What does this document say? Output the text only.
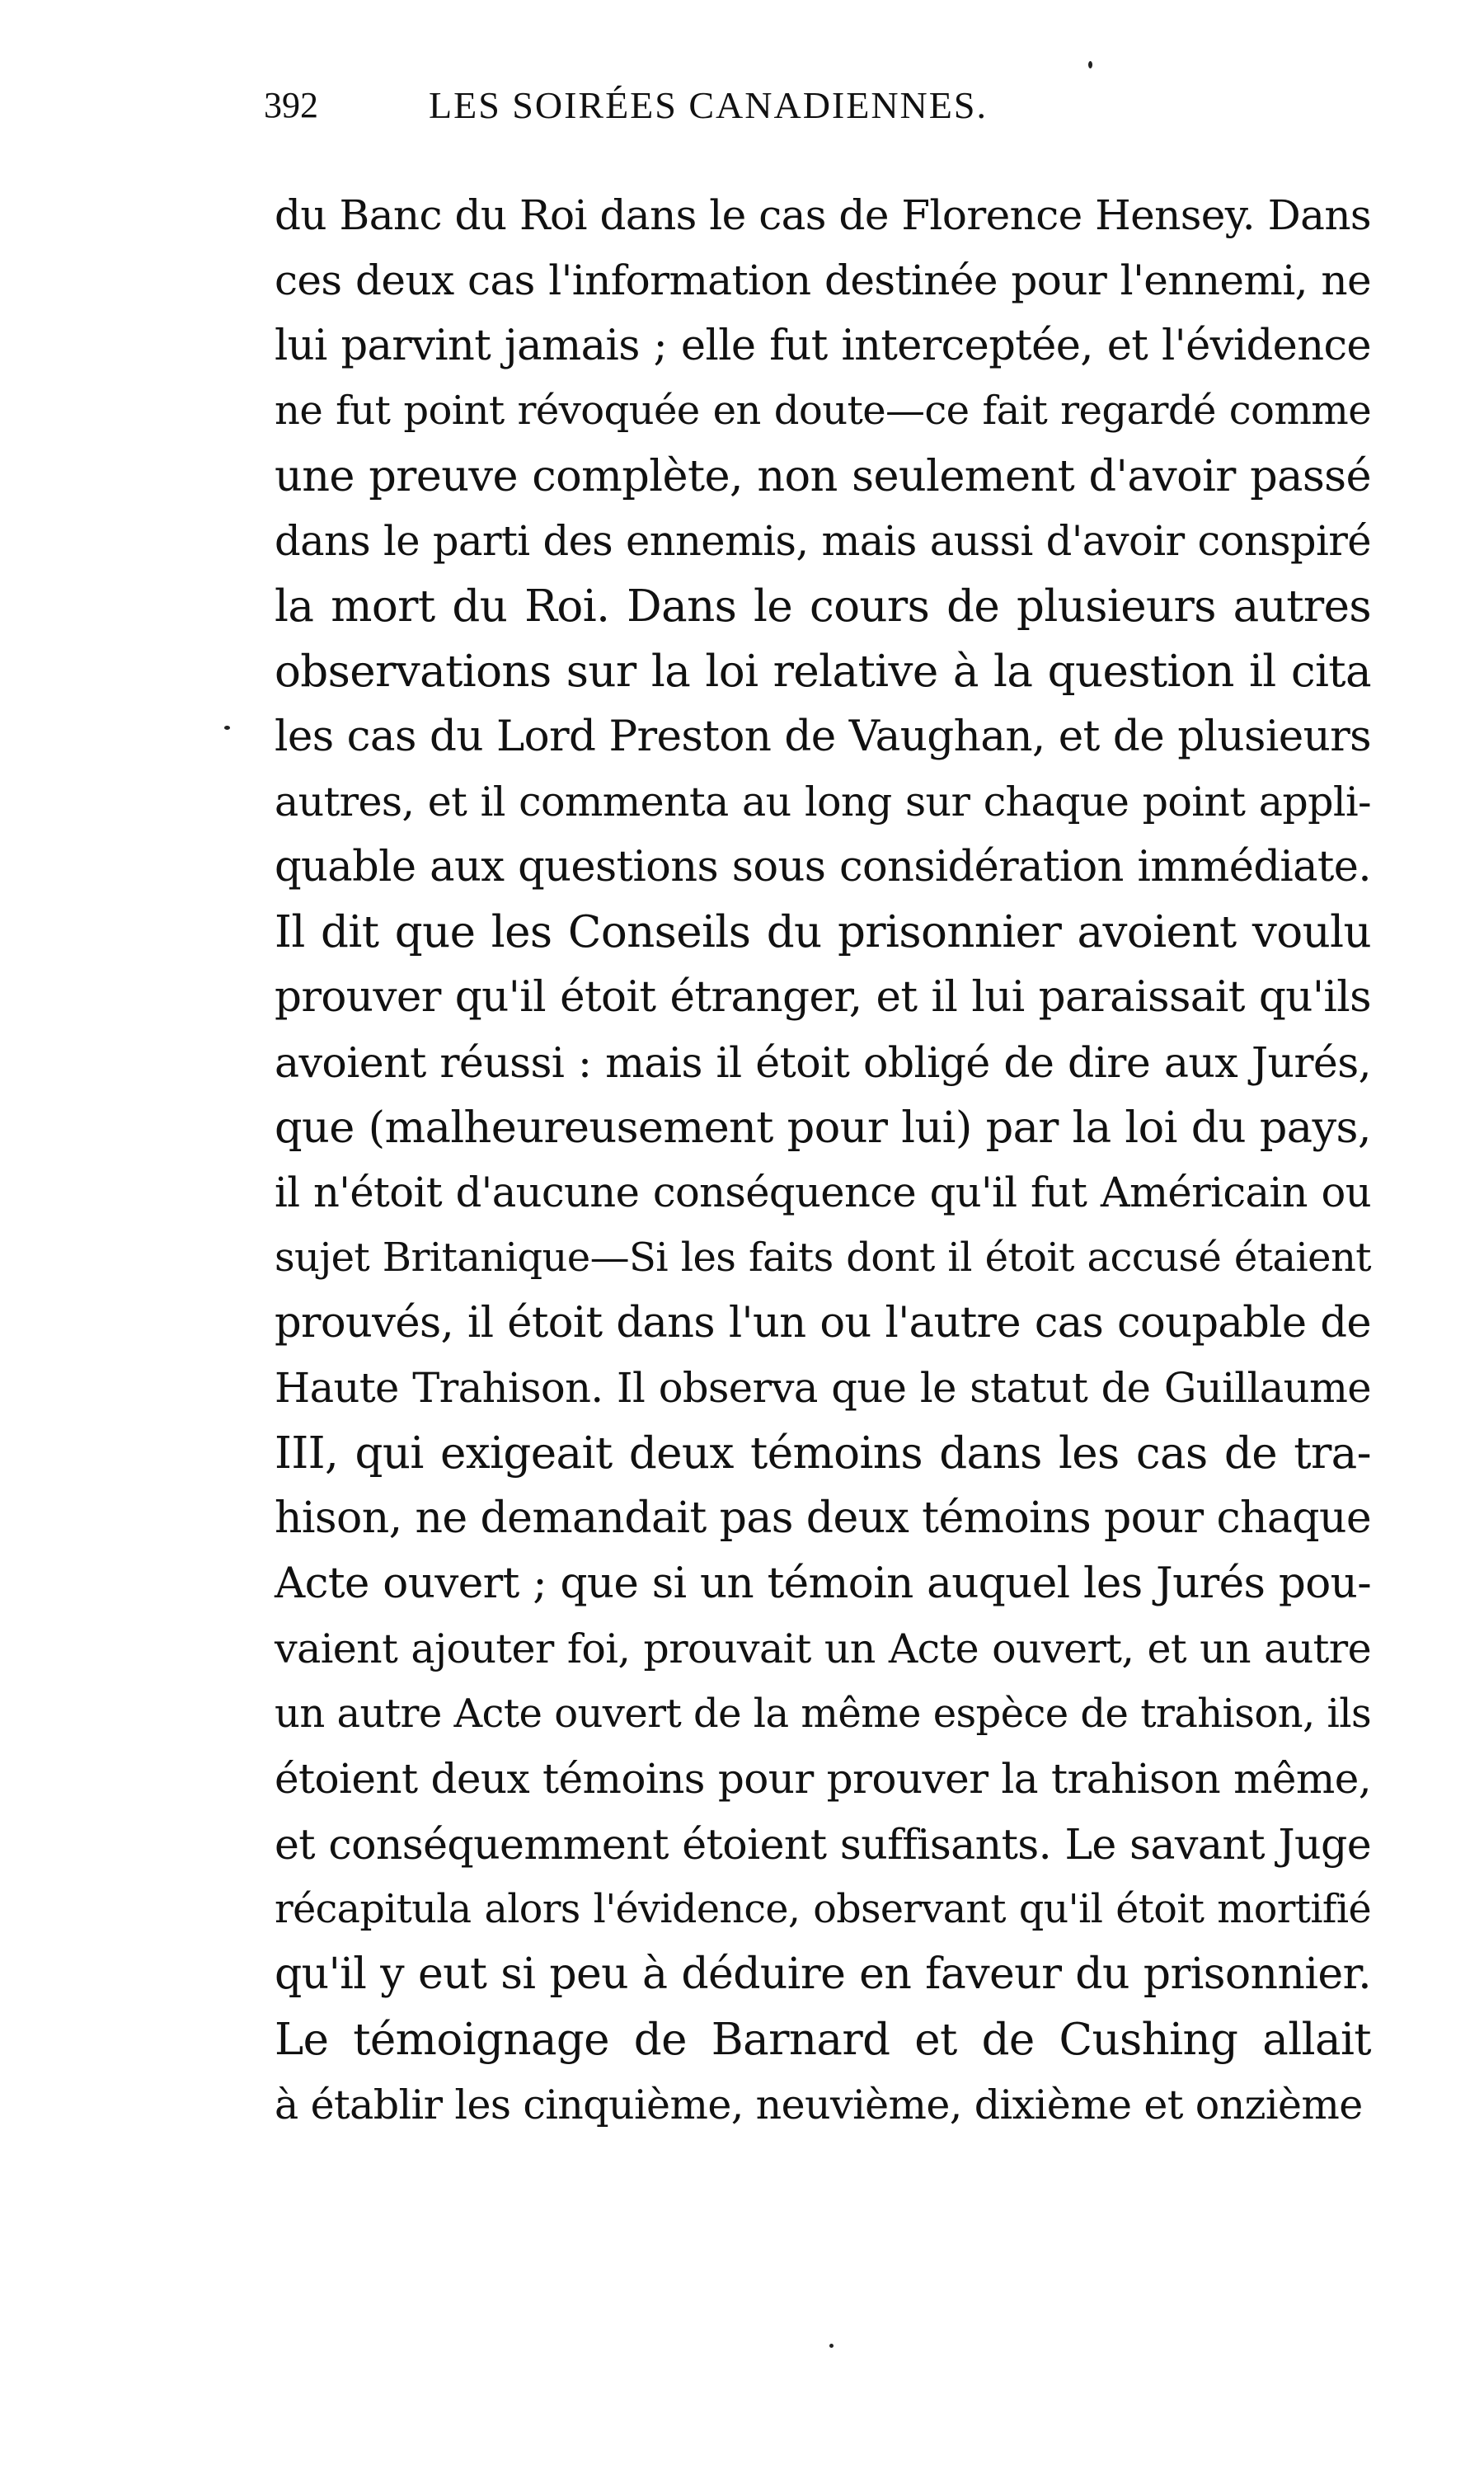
392	LES SOIRÉES CANADIENNES.
du Banc du Roi dans le cas de Florence Hensey. Dans
ces deux cas l'information destinée pour l'ennemi, ne
lui parvint jamais ; elle fut interceptée, et l'évidence
ne fut point révoquée en doute—ce fait regardé comme
une preuve complète, non seulement d'avoir passé
dans le parti des ennemis, mais aussi d'avoir conspiré
la mort du Roi. Dans le cours de plusieurs autres
observations sur la loi relative à la question il cita
les cas du Lord Preston de Vaughan, et de plusieurs
autres, et il commenta au long sur chaque point appli-
quable aux questions sous considération immédiate.
Il dit que les Conseils du prisonnier avoient voulu
prouver qu'il étoit étranger, et il lui paraissait qu'ils
avoient réussi : mais il étoit obligé de dire aux Jurés,
que (malheureusement pour lui) par la loi du pays,
il n'étoit d'aucune conséquence qu'il fut Américain ou
sujet Britanique—Si les faits dont il étoit accusé étaient
prouvés, il étoit dans l'un ou l'autre cas coupable de
Haute Trahison. Il observa que le statut de Guillaume
III, qui exigeait deux témoins dans les cas de tra-
hison, ne demandait pas deux témoins pour chaque
Acte ouvert ; que si un témoin auquel les Jurés pou-
vaient ajouter foi, prouvait un Acte ouvert, et un autre
un autre Acte ouvert de la même espèce de trahison, ils
étoient deux témoins pour prouver la trahison même,
et conséquemment étoient suffisants. Le savant Juge
récapitula alors l'évidence, observant qu'il étoit mortifié
qu'il y eut si peu à déduire en faveur du prisonnier.
Le témoignage de Barnard et de Cushing allait
à établir les cinquième, neuvième, dixième et onzième
